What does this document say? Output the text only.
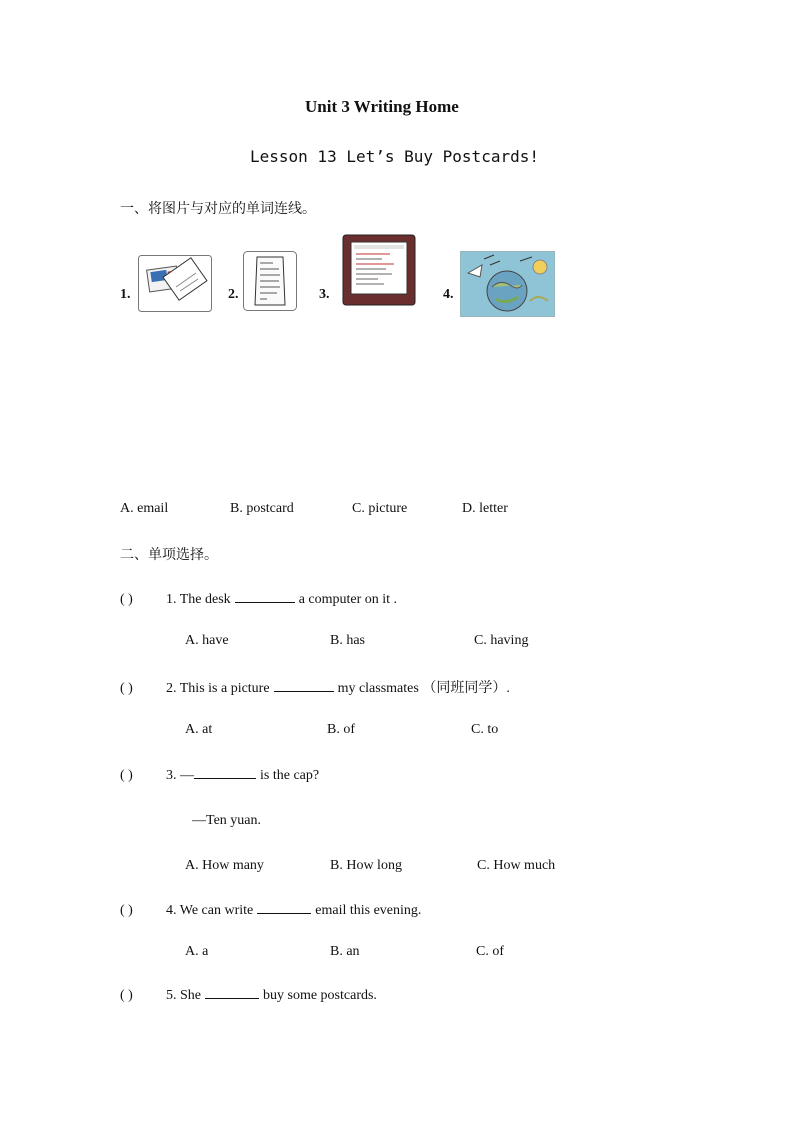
Unit 3 Writing Home
Lesson 13 Let’s Buy Postcards!
一、将图片与对应的单词连线。
1.	2.	3.	4.
A. email	B. postcard	C. picture	D. letter
二、单项选择。
( ) 1. The desk	a computer on it .
A. have	B. has	C. having
( ) 2. This is a picture	my classmates （同班同学）.
A. at	B. of	C. to
( ) 3. —	is the cap?
—Ten yuan.
A. How many	B. How long	C. How much
( ) 4. We can write	email this evening.
A. a	B. an	C. of
( ) 5. She	buy some postcards.
